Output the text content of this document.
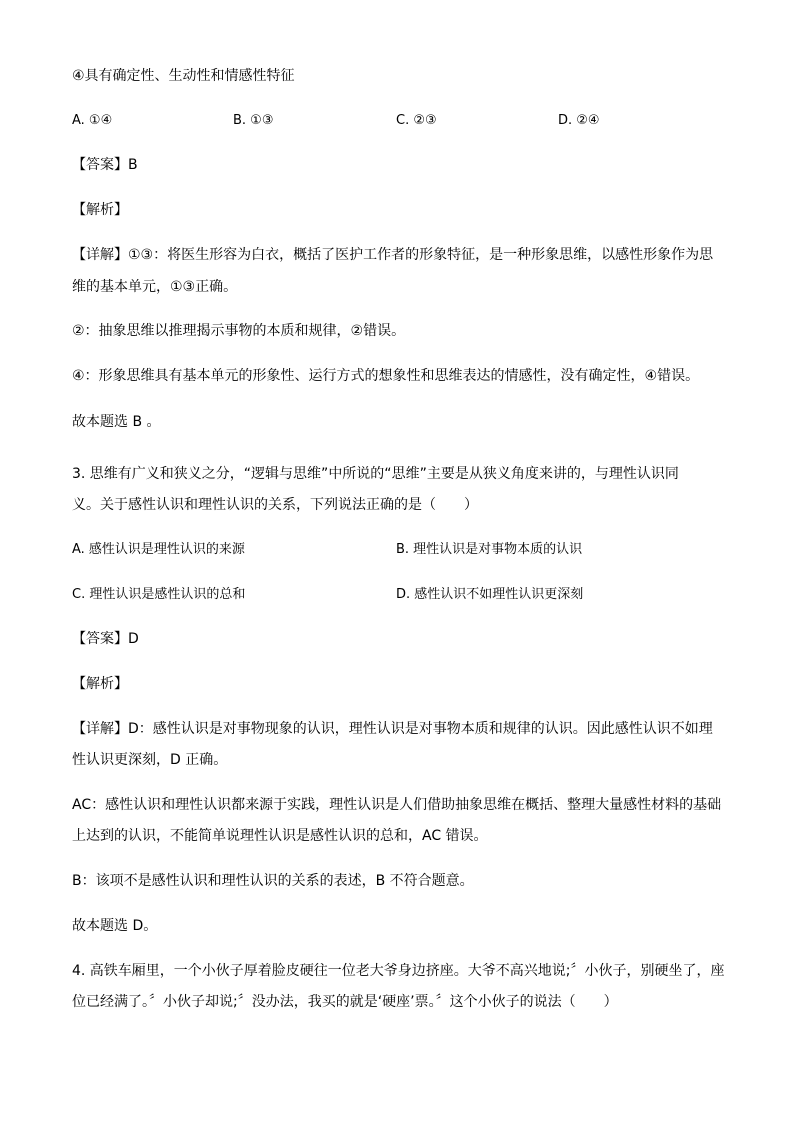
④具有确定性、生动性和情感性特征
A. ①④	B. ①③	C. ②③	D. ②④
【答案】B
【解析】
【详解】①③：将医生形容为白衣，概括了医护工作者的形象特征，是一种形象思维，以感性形象作为思
维的基本单元，①③正确。
②：抽象思维以推理揭示事物的本质和规律，②错误。
④：形象思维具有基本单元的形象性、运行方式的想象性和思维表达的情感性，没有确定性，④错误。
故本题选 B 。
3. 思维有广义和狭义之分，“逻辑与思维”中所说的“思维”主要是从狭义角度来讲的，与理性认识同
义。关于感性认识和理性认识的关系，下列说法正确的是（　　）
A. 感性认识是理性认识的来源	B. 理性认识是对事物本质的认识
C. 理性认识是感性认识的总和	D. 感性认识不如理性认识更深刻
【答案】D
【解析】
【详解】D：感性认识是对事物现象的认识，理性认识是对事物本质和规律的认识。因此感性认识不如理
性认识更深刻，D 正确。
AC：感性认识和理性认识都来源于实践，理性认识是人们借助抽象思维在概括、整理大量感性材料的基础
上达到的认识，不能简单说理性认识是感性认识的总和，AC 错误。
B：该项不是感性认识和理性认识的关系的表述，B 不符合题意。
故本题选 D。
4. 高铁车厢里，一个小伙子厚着脸皮硬往一位老大爷身边挤座。大爷不高兴地说;〞小伙子，别硬坐了，座
位已经满了。〞小伙子却说;〞没办法，我买的就是‘硬座’票。〞这个小伙子的说法（　　）
